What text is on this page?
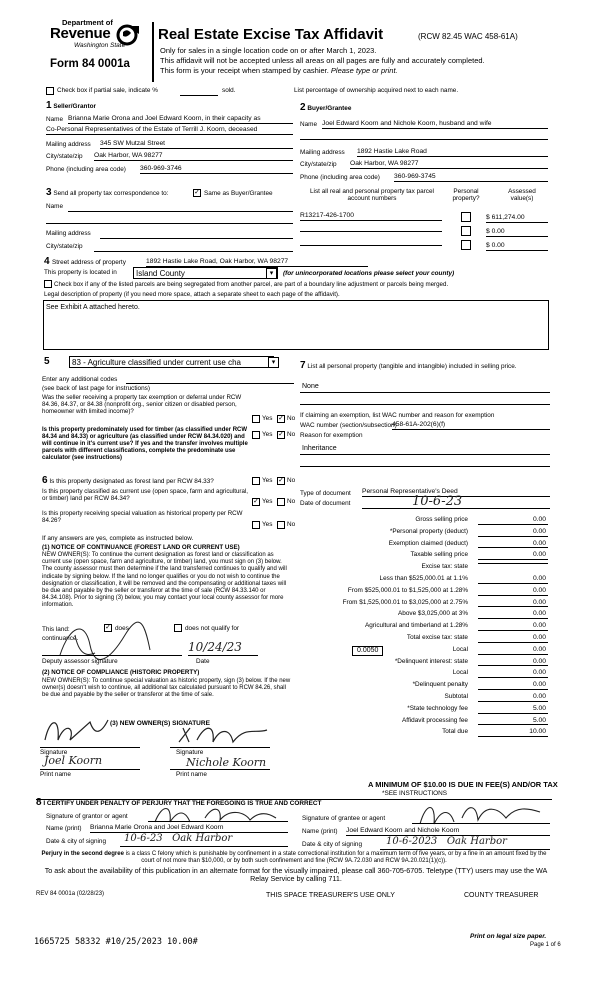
Department of
Revenue
Washington State
Form 84 0001a
Real Estate Excise Tax Affidavit	(RCW 82.45 WAC 458-61A)
Only for sales in a single location code on or after March 1, 2023.
This affidavit will not be accepted unless all areas on all pages are fully and accurately completed.
This form is your receipt when stamped by cashier. Please type or print.
Check box if partial sale, indicate %	sold.	List percentage of ownership acquired next to each name.
1 Seller/Grantor
Name Brianna Marie Orona and Joel Edward Koorn, in their capacity as
Co-Personal Representatives of the Estate of Terrill J. Koorn, deceased
Mailing address 345 SW Mutzal Street
City/state/zip Oak Harbor, WA 98277
Phone (including area code) 360-969-3746
2 Buyer/Grantee
Name Joel Edward Koorn and Nichole Koorn, husband and wife
Mailing address 1892 Hastie Lake Road
City/state/zip Oak Harbor, WA 98277
Phone (including area code) 360-969-3745
3 Send all property tax correspondence to:	✓ Same as Buyer/Grantee
Name
Mailing address
City/state/zip
List all real and personal property tax parcel account numbers
Personal property?
Assessed value(s)
R13217-426-1700	$ 611,274.00
$ 0.00
$ 0.00
4 Street address of property	1892 Hastie Lake Road, Oak Harbor, WA 98277
This property is located in	Island County	▾	(for unincorporated locations please select your county)
Check box if any of the listed parcels are being segregated from another parcel, are part of a boundary line adjustment or parcels being merged.
Legal description of property (if you need more space, attach a separate sheet to each page of the affidavit).
See Exhibit A attached hereto.
5	83 - Agriculture classified under current use cha	▾
Enter any additional codes
(see back of last page for instructions)
Was the seller receiving a property tax exemption or deferral under RCW 84.36, 84.37, or 84.38 (nonprofit org., senior citizen or disabled person, homeowner with limited income)?
Yes ✓ No
Is this property predominately used for timber (as classified under RCW 84.34 and 84.33) or agriculture (as classified under RCW 84.34.020) and will continue in it's current use? If yes and the transfer involves multiple parcels with different classifications, complete the predominate use calculator (see instructions)
Yes ✓ No
6 Is this property designated as forest land per RCW 84.33?	Yes ✓ No
Is this property classified as current use (open space, farm and agricultural, or timber) land per RCW 84.34?	✓ Yes No
Is this property receiving special valuation as historical property per RCW 84.26?
Yes No
If any answers are yes, complete as instructed below.
(1) NOTICE OF CONTINUANCE (FOREST LAND OR CURRENT USE)
NEW OWNER(S): To continue the current designation as forest land or classification as current use (open space, farm and agriculture, or timber) land, you must sign on (3) below. The county assessor must then determine if the land transferred continues to qualify and will indicate by signing below. If the land no longer qualifies or you do not wish to continue the designation or classification, it will be removed and the compensating or additional taxes will be due and payable by the seller or transferor at the time of sale (RCW 84.33.140 or 84.34.108). Prior to signing (3) below, you may contact your local county assessor for more information.
This land:	✓ does	does not qualify for
continuance.
10/24/23
Deputy assessor signature	Date
(2) NOTICE OF COMPLIANCE (HISTORIC PROPERTY)
NEW OWNER(S): To continue special valuation as historic property, sign (3) below. If the new owner(s) doesn't wish to continue, all additional tax calculated pursuant to RCW 84.26, shall be due and payable by the seller or transferor at the time of sale.
(3) NEW OWNER(S) SIGNATURE
Signature	Signature
Joel Koorn	Nichole Koorn
Print name	Print name
7 List all personal property (tangible and intangible) included in selling price.
None
If claiming an exemption, list WAC number and reason for exemption
WAC number (section/subsection)
458-61A-202(6)(f)
Reason for exemption
Inheritance
Type of document Personal Representative's Deed
Date of document	10-6-23
Gross selling price	0.00
*Personal property (deduct)	0.00
Exemption claimed (deduct)	0.00
Taxable selling price	0.00
Excise tax: state
Less than $525,000.01 at 1.1%	0.00
From $525,000.01 to $1,525,000 at 1.28%	0.00
From $1,525,000.01 to $3,025,000 at 2.75%	0.00
Above $3,025,000 at 3%	0.00
Agricultural and timberland at 1.28%	0.00
Total excise tax: state	0.00
0.0050	Local	0.00
*Delinquent interest: state	0.00
Local	0.00
*Delinquent penalty	0.00
Subtotal	0.00
*State technology fee	5.00
Affidavit processing fee	5.00
Total due	10.00
A MINIMUM OF $10.00 IS DUE IN FEE(S) AND/OR TAX
*SEE INSTRUCTIONS
8 I CERTIFY UNDER PENALTY OF PERJURY THAT THE FOREGOING IS TRUE AND CORRECT
Signature of grantor or agent
Name (print) Brianna Marie Orona and Joel Edward Koorn
Date & city of signing 10-6-23   Oak Harbor
Signature of grantee or agent
Name (print) Joel Edward Koorn and Nichole Koorn
Date & city of signing 10-6-2023   Oak Harbor
Perjury in the second degree is a class C felony which is punishable by confinement in a state correctional institution for a maximum term of five years, or by a fine in an amount fixed by the court of not more than $10,000, or by both such confinement and fine (RCW 9A.72.030 and RCW 9A.20.021(1)(c)).
To ask about the availability of this publication in an alternate format for the visually impaired, please call 360-705-6705. Teletype (TTY) users may use the WA Relay Service by calling 711.
REV 84 0001a (02/28/23)	THIS SPACE TREASURER'S USE ONLY	COUNTY TREASURER
1665725 58332 #10/25/2023 10.00#
Print on legal size paper.
Page 1 of 6
